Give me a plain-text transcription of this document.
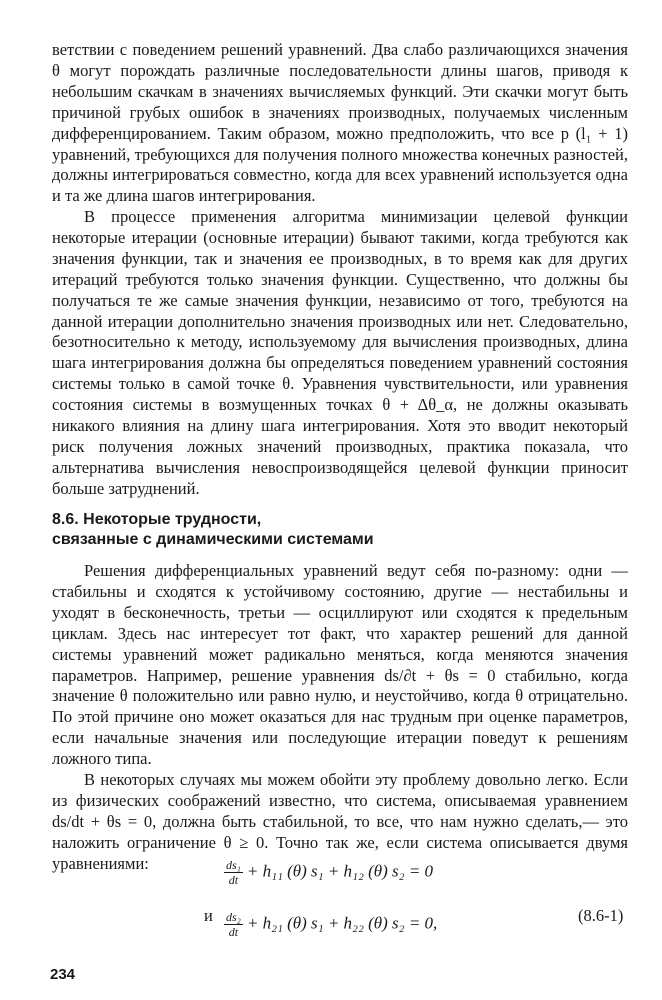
ветствии с поведением решений уравнений. Два слабо различающихся значения θ могут порождать различные последовательности длины шагов, приводя к небольшим скачкам в значениях вычисляемых функций. Эти скачки могут быть причиной грубых ошибок в значениях производных, получаемых численным дифференцированием. Таким образом, можно предположить, что все p (l₁ + 1) уравнений, требующихся для получения полного множества конечных разностей, должны интегрироваться совместно, когда для всех уравнений используется одна и та же длина шагов интегрирования.

В процессе применения алгоритма минимизации целевой функции некоторые итерации (основные итерации) бывают такими, когда требуются как значения функции, так и значения ее производных, в то время как для других итераций требуются только значения функции. Существенно, что должны бы получаться те же самые значения функции, независимо от того, требуются на данной итерации дополнительно значения производных или нет. Следовательно, безотносительно к методу, используемому для вычисления производных, длина шага интегрирования должна бы определяться поведением уравнений состояния системы только в самой точке θ. Уравнения чувствительности, или уравнения состояния системы в возмущенных точках θ + Δθ_α, не должны оказывать никакого влияния на длину шага интегрирования. Хотя это вводит некоторый риск получения ложных значений производных, практика показала, что альтернатива вычисления невоспроизводящейся целевой функции приносит больше затруднений.

8.6. Некоторые трудности,
связанные с динамическими системами

Решения дифференциальных уравнений ведут себя по-разному: одни — стабильны и сходятся к устойчивому состоянию, другие — нестабильны и уходят в бесконечность, третьи — осциллируют или сходятся к предельным циклам. Здесь нас интересует тот факт, что характер решений для данной системы уравнений может радикально меняться, когда меняются значения параметров. Например, решение уравнения ds/∂t + θs = 0 стабильно, когда значение θ положительно или равно нулю, и неустойчиво, когда θ отрицательно. По этой причине оно может оказаться для нас трудным при оценке параметров, если начальные значения или последующие итерации поведут к решениям ложного типа.

В некоторых случаях мы можем обойти эту проблему довольно легко. Если из физических соображений известно, что система, описываемая уравнением ds/dt + θs = 0, должна быть стабильной, то все, что нам нужно сделать,— это наложить ограничение θ ≥ 0. Точно так же, если система описывается двумя уравнениями:	$\frac{\text{ds₁}}{dt} + h_{11}$ (θ) s₁ + h₁₂ (θ) s₂ = 0
и $\frac{\text{ds₂}}{dt} + h_{21}$ (θ) s₁ + h₂₂ (θ) s₂ = 0,	(8.6-1)
234
